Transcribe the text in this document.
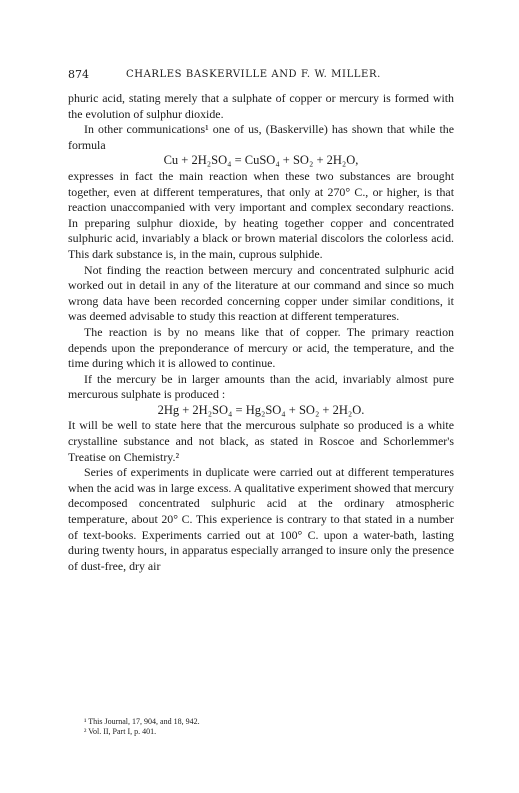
874	CHARLES BASKERVILLE AND F. W. MILLER.

phuric acid, stating merely that a sulphate of copper or mercury is formed with the evolution of sulphur dioxide.

In other communications¹ one of us, (Baskerville) has shown that while the formula

Cu + 2H₂SO₄ = CuSO₄ + SO₂ + 2H₂O,

expresses in fact the main reaction when these two substances are brought together, even at different temperatures, that only at 270° C., or higher, is that reaction unaccompanied with very important and complex secondary reactions. In preparing sulphur dioxide, by heating together copper and concentrated sulphuric acid, invariably a black or brown material discolors the colorless acid. This dark substance is, in the main, cuprous sulphide.

Not finding the reaction between mercury and concentrated sulphuric acid worked out in detail in any of the literature at our command and since so much wrong data have been recorded concerning copper under similar conditions, it was deemed advisable to study this reaction at different temperatures.

The reaction is by no means like that of copper. The primary reaction depends upon the preponderance of mercury or acid, the temperature, and the time during which it is allowed to continue.

If the mercury be in larger amounts than the acid, invariably almost pure mercurous sulphate is produced :

2Hg + 2H₂SO₄ = Hg₂SO₄ + SO₂ + 2H₂O.

It will be well to state here that the mercurous sulphate so produced is a white crystalline substance and not black, as stated in Roscoe and Schorlemmer's Treatise on Chemistry.²

Series of experiments in duplicate were carried out at different temperatures when the acid was in large excess. A qualitative experiment showed that mercury decomposed concentrated sulphuric acid at the ordinary atmospheric temperature, about 20° C. This experience is contrary to that stated in a number of text-books. Experiments carried out at 100° C. upon a water-bath, lasting during twenty hours, in apparatus especially arranged to insure only the presence of dust-free, dry air

¹ This Journal, 17, 904, and 18, 942.
² Vol. II, Part I, p. 401.
